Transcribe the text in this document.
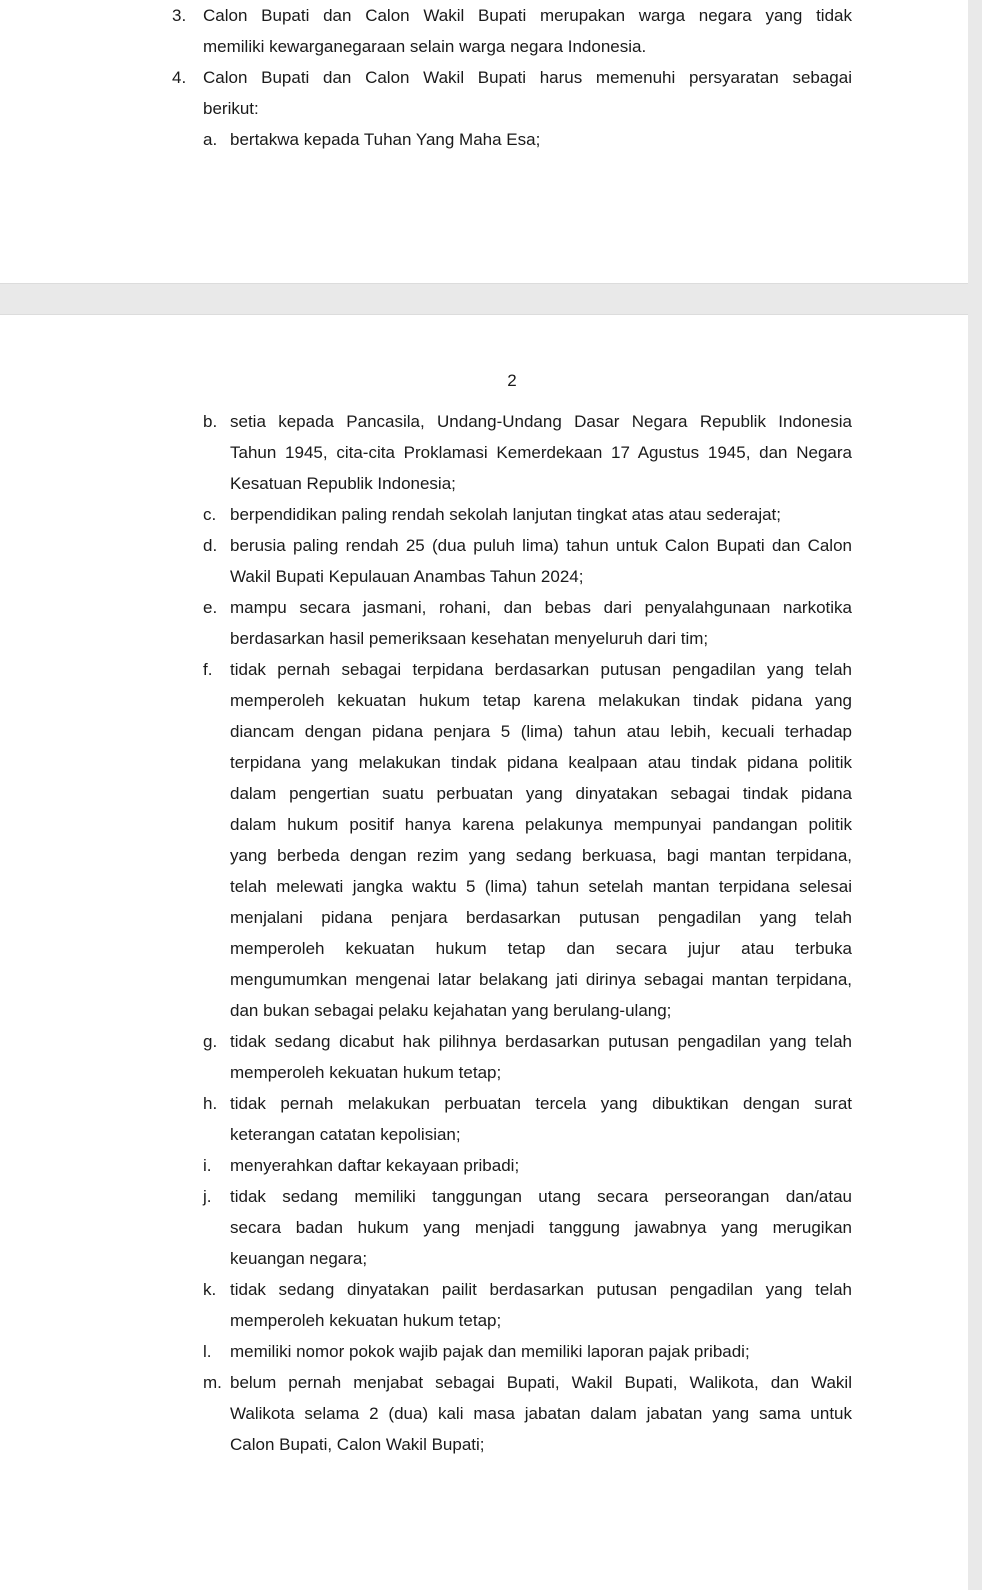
3. Calon Bupati dan Calon Wakil Bupati merupakan warga negara yang tidak
memiliki kewarganegaraan selain warga negara Indonesia.
4. Calon Bupati dan Calon Wakil Bupati harus memenuhi persyaratan sebagai
berikut:
a. bertakwa kepada Tuhan Yang Maha Esa;
2
b. setia kepada Pancasila, Undang-Undang Dasar Negara Republik Indonesia
Tahun 1945, cita-cita Proklamasi Kemerdekaan 17 Agustus 1945, dan Negara
Kesatuan Republik Indonesia;
c. berpendidikan paling rendah sekolah lanjutan tingkat atas atau sederajat;
d. berusia paling rendah 25 (dua puluh lima) tahun untuk Calon Bupati dan Calon
Wakil Bupati Kepulauan Anambas Tahun 2024;
e. mampu secara jasmani, rohani, dan bebas dari penyalahgunaan narkotika
berdasarkan hasil pemeriksaan kesehatan menyeluruh dari tim;
f. tidak pernah sebagai terpidana berdasarkan putusan pengadilan yang telah
memperoleh kekuatan hukum tetap karena melakukan tindak pidana yang
diancam dengan pidana penjara 5 (lima) tahun atau lebih, kecuali terhadap
terpidana yang melakukan tindak pidana kealpaan atau tindak pidana politik
dalam pengertian suatu perbuatan yang dinyatakan sebagai tindak pidana
dalam hukum positif hanya karena pelakunya mempunyai pandangan politik
yang berbeda dengan rezim yang sedang berkuasa, bagi mantan terpidana,
telah melewati jangka waktu 5 (lima) tahun setelah mantan terpidana selesai
menjalani pidana penjara berdasarkan putusan pengadilan yang telah
memperoleh kekuatan hukum tetap dan secara jujur atau terbuka
mengumumkan mengenai latar belakang jati dirinya sebagai mantan terpidana,
dan bukan sebagai pelaku kejahatan yang berulang-ulang;
g. tidak sedang dicabut hak pilihnya berdasarkan putusan pengadilan yang telah
memperoleh kekuatan hukum tetap;
h. tidak pernah melakukan perbuatan tercela yang dibuktikan dengan surat
keterangan catatan kepolisian;
i. menyerahkan daftar kekayaan pribadi;
j. tidak sedang memiliki tanggungan utang secara perseorangan dan/atau
secara badan hukum yang menjadi tanggung jawabnya yang merugikan
keuangan negara;
k. tidak sedang dinyatakan pailit berdasarkan putusan pengadilan yang telah
memperoleh kekuatan hukum tetap;
l. memiliki nomor pokok wajib pajak dan memiliki laporan pajak pribadi;
m. belum pernah menjabat sebagai Bupati, Wakil Bupati, Walikota, dan Wakil
Walikota selama 2 (dua) kali masa jabatan dalam jabatan yang sama untuk
Calon Bupati, Calon Wakil Bupati;
